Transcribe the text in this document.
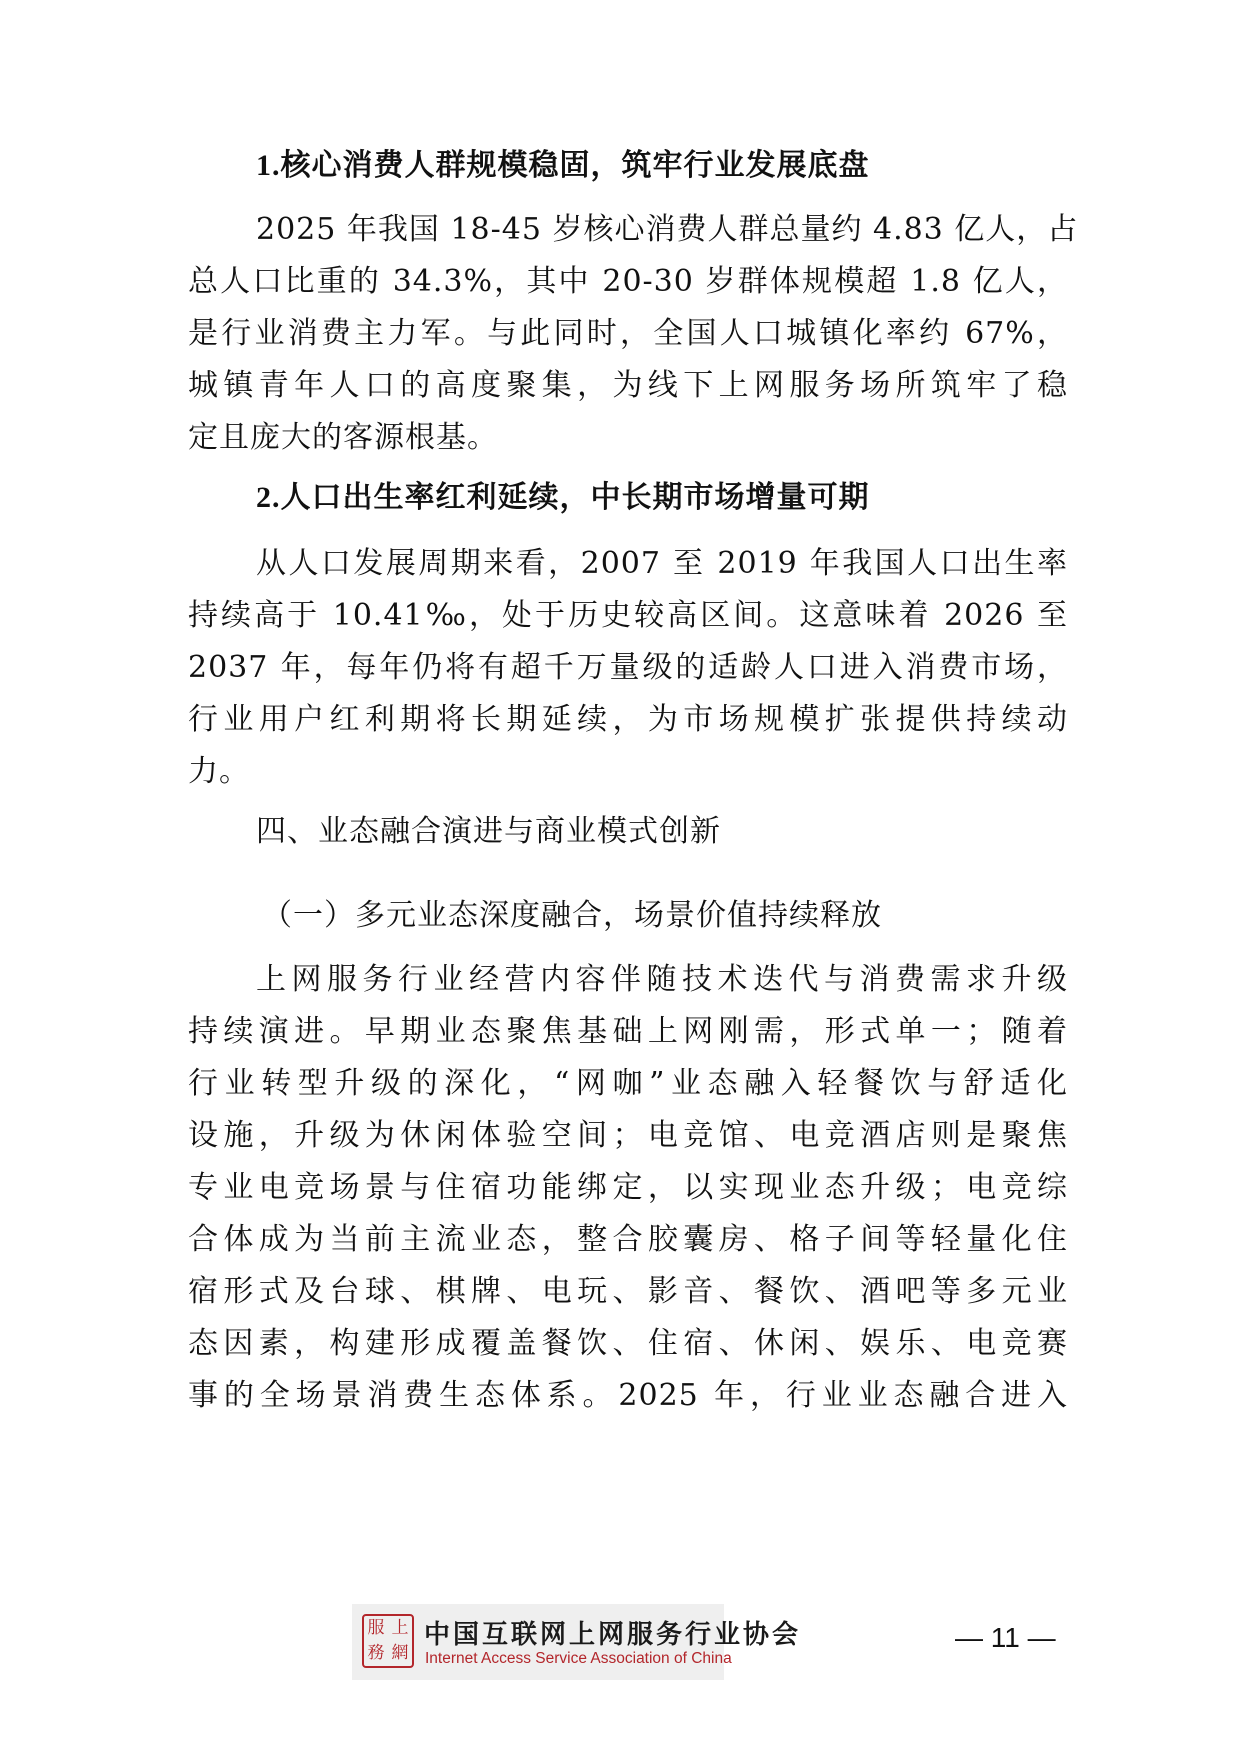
1.核心消费人群规模稳固，筑牢行业发展底盘
2025 年我国 18-45 岁核心消费人群总量约 4.83 亿人，占
总人口比重的 34.3%，其中 20-30 岁群体规模超 1.8 亿人，
是行业消费主力军。与此同时，全国人口城镇化率约 67%，
城镇青年人口的高度聚集，为线下上网服务场所筑牢了稳
定且庞大的客源根基。
2.人口出生率红利延续，中长期市场增量可期
从人口发展周期来看，2007 至 2019 年我国人口出生率
持续高于 10.41‰，处于历史较高区间。这意味着 2026 至
2037 年，每年仍将有超千万量级的适龄人口进入消费市场，
行业用户红利期将长期延续，为市场规模扩张提供持续动
力。
四、业态融合演进与商业模式创新
（一）多元业态深度融合，场景价值持续释放
上网服务行业经营内容伴随技术迭代与消费需求升级
持续演进。早期业态聚焦基础上网刚需，形式单一；随着
行业转型升级的深化，“网咖”业态融入轻餐饮与舒适化
设施，升级为休闲体验空间；电竞馆、电竞酒店则是聚焦
专业电竞场景与住宿功能绑定，以实现业态升级；电竞综
合体成为当前主流业态，整合胶囊房、格子间等轻量化住
宿形式及台球、棋牌、电玩、影音、餐饮、酒吧等多元业
态因素，构建形成覆盖餐饮、住宿、休闲、娱乐、电竞赛
事的全场景消费生态体系。2025 年，行业业态融合进入
服 上
務 網
中国互联网上网服务行业协会
Internet Access Service Association of China
— 11 —
